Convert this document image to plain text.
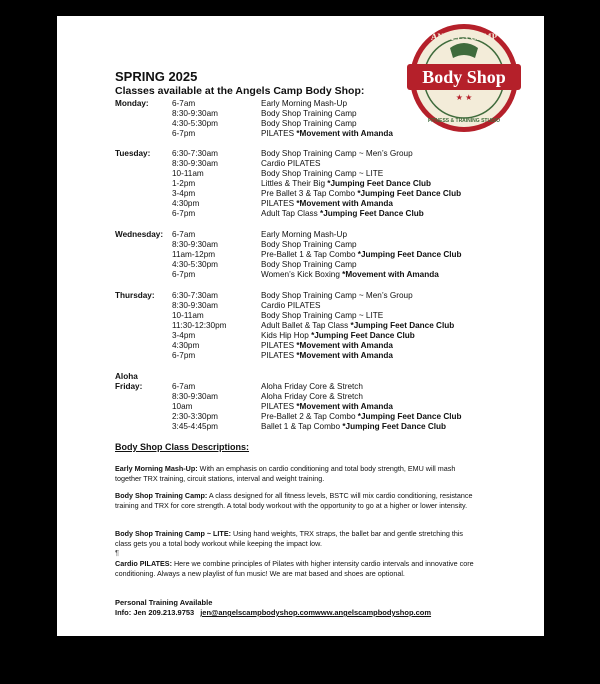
ANGELS CAMP
Body Shop
★ ★
FITNESS & TRAINING STUDIO
SPRING 2025
Classes available at the Angels Camp Body Shop:
Monday:	6-7am	Early Morning Mash-Up
8:30-9:30am	Body Shop Training Camp
4:30-5:30pm	Body Shop Training Camp
6-7pm	PILATES *Movement with Amanda
Tuesday:	6:30-7:30am	Body Shop Training Camp ~ Men’s Group
8:30-9:30am	Cardio PILATES
10-11am	Body Shop Training Camp ~ LITE
1-2pm	Littles & Their Big *Jumping Feet Dance Club
3-4pm	Pre Ballet 3 & Tap Combo *Jumping Feet Dance Club
4:30pm	PILATES *Movement with Amanda
6-7pm	Adult Tap Class *Jumping Feet Dance Club
Wednesday: 6-7am	Early Morning Mash-Up
8:30-9:30am	Body Shop Training Camp
11am-12pm	Pre-Ballet 1 & Tap Combo *Jumping Feet Dance Club
4:30-5:30pm	Body Shop Training Camp
6-7pm	Women’s Kick Boxing *Movement with Amanda
Thursday: 6:30-7:30am	Body Shop Training Camp ~ Men’s Group
8:30-9:30am	Cardio PILATES
10-11am	Body Shop Training Camp ~ LITE
11:30-12:30pm	Adult Ballet & Tap Class *Jumping Feet Dance Club
3-4pm	Kids Hip Hop *Jumping Feet Dance Club
4:30pm	PILATES *Movement with Amanda
6-7pm	PILATES *Movement with Amanda
Aloha
Friday:	6-7am	Aloha Friday Core & Stretch
8:30-9:30am	Aloha Friday Core & Stretch
10am	PILATES *Movement with Amanda
2:30-3:30pm	Pre-Ballet 2 & Tap Combo *Jumping Feet Dance Club
3:45-4:45pm	Ballet 1 & Tap Combo *Jumping Feet Dance Club
Body Shop Class Descriptions:
Early Morning Mash-Up: With an emphasis on cardio conditioning and total body strength, EMU will mash together TRX training, circuit stations, interval and weight training.
Body Shop Training Camp: A class designed for all fitness levels, BSTC will mix cardio conditioning, resistance training and TRX for core strength. A total body workout with the opportunity to go at a higher or lower intensity.
Body Shop Training Camp ~ LITE: Using hand weights, TRX straps, the ballet bar and gentle stretching this class gets you a total body workout while keeping the impact low.
¶
Cardio PILATES: Here we combine principles of Pilates with higher intensity cardio intervals and innovative core conditioning. Always a new playlist of fun music! We are mat based and shoes are optional.
Personal Training Available
Info: Jen 209.213.9753 jen@angelscampbodyshop.comwww.angelscampbodyshop.com
